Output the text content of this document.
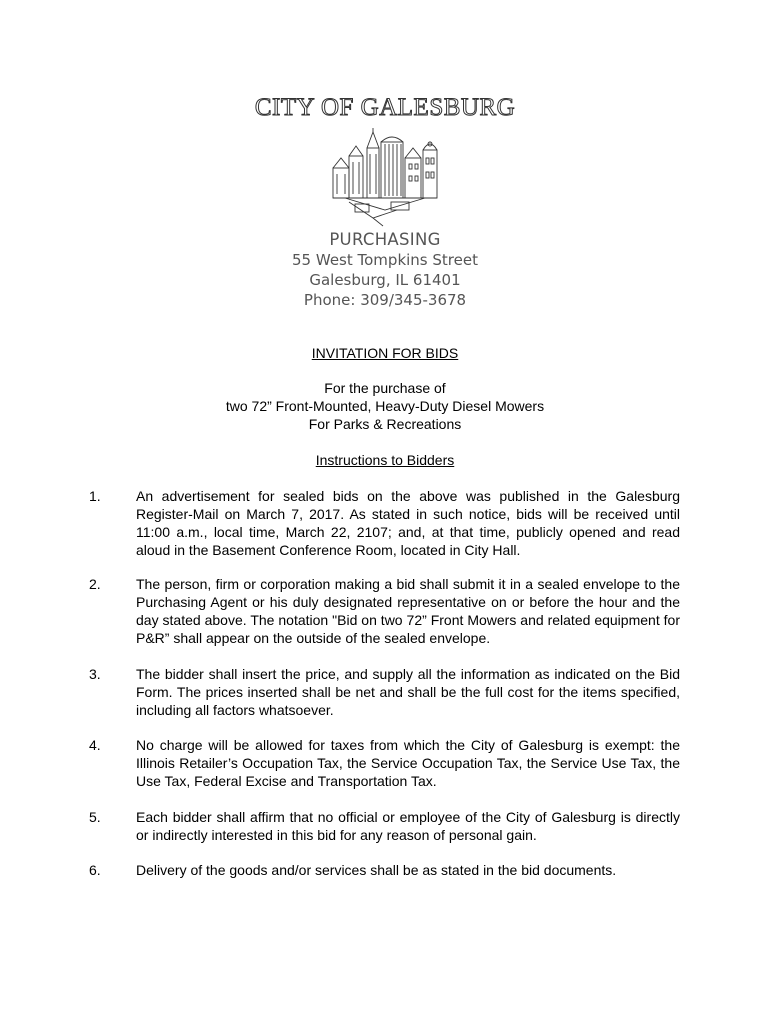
CITY OF GALESBURG
PURCHASING
55 West Tompkins Street
Galesburg, IL 61401
Phone: 309/345-3678
INVITATION FOR BIDS
For the purchase of
two 72” Front-Mounted, Heavy-Duty Diesel Mowers
For Parks & Recreations
Instructions to Bidders
1.	An advertisement for sealed bids on the above was published in the Galesburg Register-Mail on March 7, 2017. As stated in such notice, bids will be received until 11:00 a.m., local time, March 22, 2107; and, at that time, publicly opened and read aloud in the Basement Conference Room, located in City Hall.
2.	The person, firm or corporation making a bid shall submit it in a sealed envelope to the Purchasing Agent or his duly designated representative on or before the hour and the day stated above. The notation "Bid on two 72” Front Mowers and related equipment for P&R” shall appear on the outside of the sealed envelope.
3.	The bidder shall insert the price, and supply all the information as indicated on the Bid Form. The prices inserted shall be net and shall be the full cost for the items specified, including all factors whatsoever.
4.	No charge will be allowed for taxes from which the City of Galesburg is exempt: the Illinois Retailer’s Occupation Tax, the Service Occupation Tax, the Service Use Tax, the Use Tax, Federal Excise and Transportation Tax.
5.	Each bidder shall affirm that no official or employee of the City of Galesburg is directly or indirectly interested in this bid for any reason of personal gain.
6.	Delivery of the goods and/or services shall be as stated in the bid documents.
